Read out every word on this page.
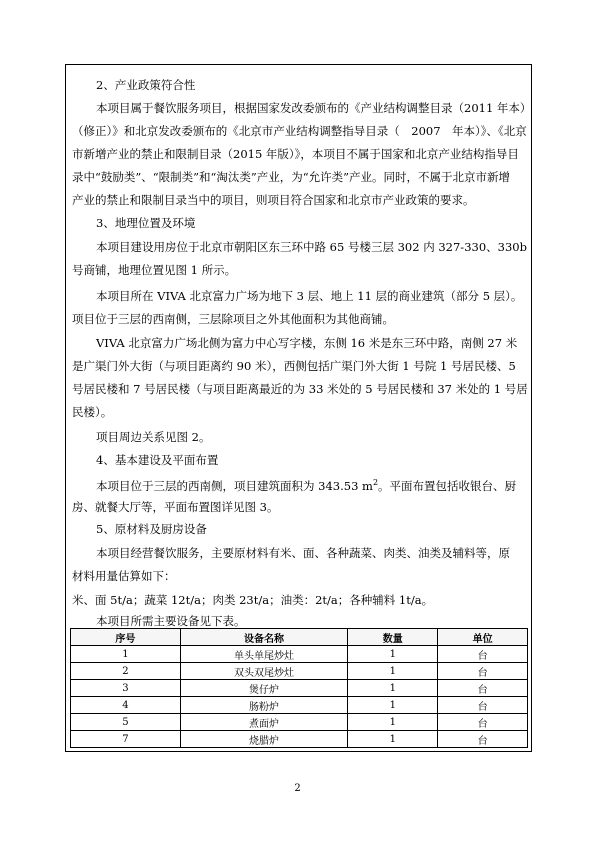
2、产业政策符合性
本项目属于餐饮服务项目，根据国家发改委颁布的《产业结构调整目录（2011 年本）
（修正）》和北京发改委颁布的《北京市产业结构调整指导目录（　2007　年本）》、《北京
市新增产业的禁止和限制目录（2015 年版）》，本项目不属于国家和北京产业结构指导目
录中“鼓励类”、“限制类”和“淘汰类”产业，为“允许类”产业。同时，不属于北京市新增
产业的禁止和限制目录当中的项目，则项目符合国家和北京市产业政策的要求。
3、地理位置及环境
本项目建设用房位于北京市朝阳区东三环中路 65 号楼三层 302 内 327-330、330b
号商铺，地理位置见图 1 所示。
本项目所在 VIVA 北京富力广场为地下 3 层、地上 11 层的商业建筑（部分 5 层）。
项目位于三层的西南侧，三层除项目之外其他面积为其他商铺。
VIVA 北京富力广场北侧为富力中心写字楼，东侧 16 米是东三环中路，南侧 27 米
是广渠门外大街（与项目距离约 90 米），西侧包括广渠门外大街 1 号院 1 号居民楼、5
号居民楼和 7 号居民楼（与项目距离最近的为 33 米处的 5 号居民楼和 37 米处的 1 号居
民楼）。
项目周边关系见图 2。
4、基本建设及平面布置
本项目位于三层的西南侧，项目建筑面积为 343.53 $m^2$。平面布置包括收银台、厨
房、就餐大厅等，平面布置图详见图 3。
5、原材料及厨房设备
本项目经营餐饮服务，主要原材料有米、面、各种蔬菜、肉类、油类及辅料等，原
材料用量估算如下：
米、面 5t/a；蔬菜 12t/a；肉类 23t/a；油类：2t/a；各种辅料 1t/a。
本项目所需主要设备见下表。
序号	设备名称	数量	单位
1	单头单尾炒灶	1	台
2	双头双尾炒灶	1	台
3	煲仔炉	1	台
4	肠粉炉	1	台
5	煮面炉	1	台
7	烧腊炉	1	台
2
